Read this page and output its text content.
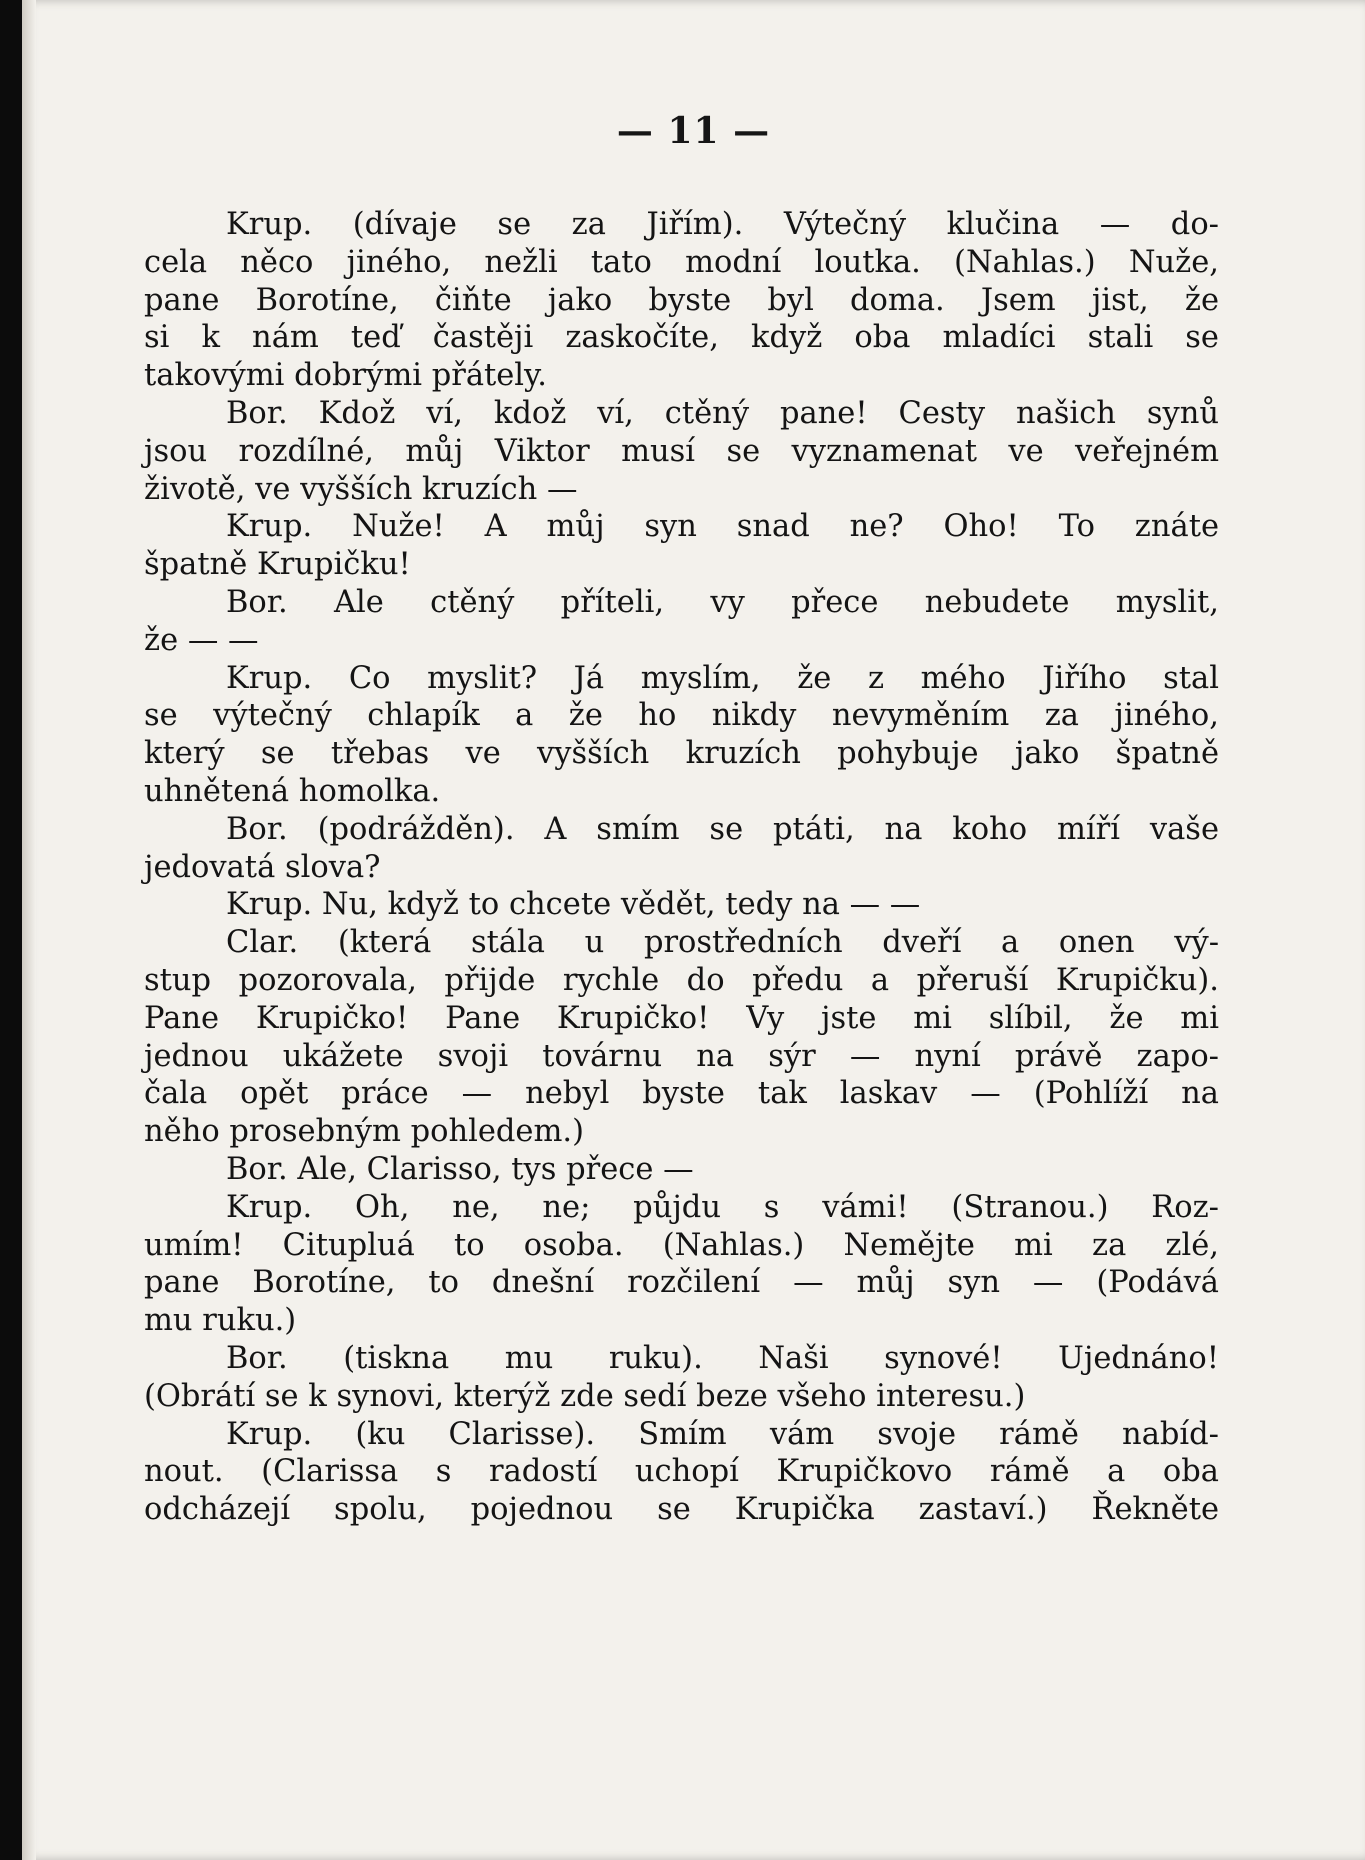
— 11 —
Krup. (dívaje se za Jiřím). Výtečný klučina — do-
cela něco jiného, nežli tato modní loutka. (Nahlas.) Nuže,
pane Borotíne, čiňte jako byste byl doma. Jsem jist, že
si k nám teď častěji zaskočíte, když oba mladíci stali se
takovými dobrými přátely.
Bor. Kdož ví, kdož ví, ctěný pane! Cesty našich synů
jsou rozdílné, můj Viktor musí se vyznamenat ve veřejném
životě, ve vyšších kruzích —
Krup. Nuže! A můj syn snad ne? Oho! To znáte
špatně Krupičku!
Bor. Ale ctěný příteli, vy přece nebudete myslit,
že — —
Krup. Co myslit? Já myslím, že z mého Jiřího stal
se výtečný chlapík a že ho nikdy nevyměním za jiného,
který se třebas ve vyšších kruzích pohybuje jako špatně
uhnětená homolka.
Bor. (podrážděn). A smím se ptáti, na koho míří vaše
jedovatá slova?
Krup. Nu, když to chcete vědět, tedy na — —
Clar. (která stála u prostředních dveří a onen vý-
stup pozorovala, přijde rychle do předu a přeruší Krupičku).
Pane Krupičko! Pane Krupičko! Vy jste mi slíbil, že mi
jednou ukážete svoji továrnu na sýr — nyní právě zapo-
čala opět práce — nebyl byste tak laskav — (Pohlíží na
něho prosebným pohledem.)
Bor. Ale, Clarisso, tys přece —
Krup. Oh, ne, ne; půjdu s vámi! (Stranou.) Roz-
umím! Citupluá to osoba. (Nahlas.) Nemějte mi za zlé,
pane Borotíne, to dnešní rozčilení — můj syn — (Podává
mu ruku.)
Bor. (tiskna mu ruku). Naši synové! Ujednáno!
(Obrátí se k synovi, kterýž zde sedí beze všeho interesu.)
Krup. (ku Clarisse). Smím vám svoje rámě nabíd-
nout. (Clarissa s radostí uchopí Krupičkovo rámě a oba
odcházejí spolu, pojednou se Krupička zastaví.) Řekněte
